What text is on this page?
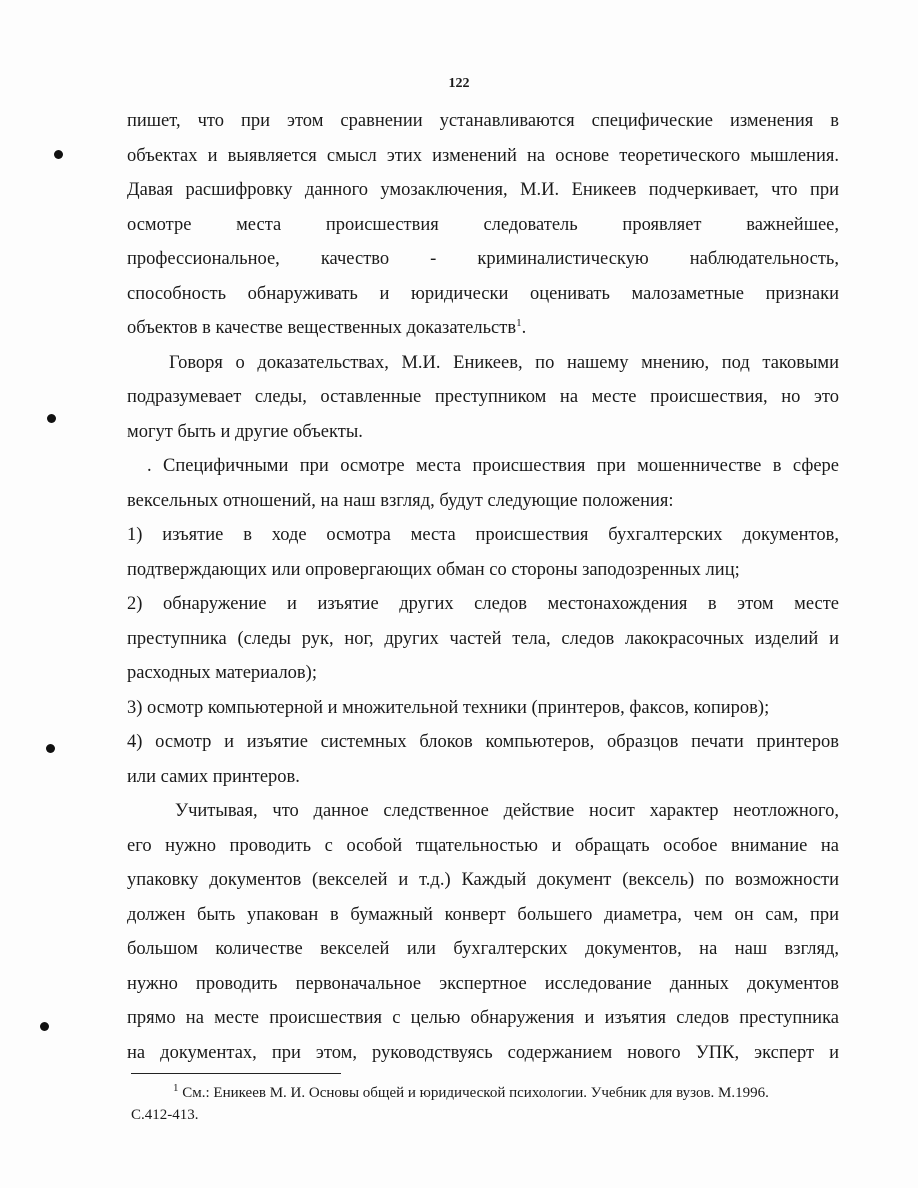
122
пишет, что при этом сравнении устанавливаются специфические изменения в
объектах и выявляется смысл этих изменений на основе теоретического мышления.
Давая расшифровку данного умозаключения, М.И. Еникеев подчеркивает, что при
осмотре места происшествия следователь проявляет важнейшее,
профессиональное, качество - криминалистическую наблюдательность,
способность обнаруживать и юридически оценивать малозаметные признаки
объектов в качестве вещественных доказательств$^1$.
Говоря о доказательствах, М.И. Еникеев, по нашему мнению, под таковыми
подразумевает следы, оставленные преступником на месте происшествия, но это
могут быть и другие объекты.
. Специфичными при осмотре места происшествия при мошенничестве в сфере
вексельных отношений, на наш взгляд, будут следующие положения:
1) изъятие в ходе осмотра места происшествия бухгалтерских документов,
подтверждающих или опровергающих обман со стороны заподозренных лиц;
2) обнаружение и изъятие других следов местонахождения в этом месте
преступника (следы рук, ног, других частей тела, следов лакокрасочных изделий и
расходных материалов);
3) осмотр компьютерной и множительной техники (принтеров, факсов, копиров);
4) осмотр и изъятие системных блоков компьютеров, образцов печати принтеров
или самих принтеров.
Учитывая, что данное следственное действие носит характер неотложного,
его нужно проводить с особой тщательностью и обращать особое внимание на
упаковку документов (векселей и т.д.) Каждый документ (вексель) по возможности
должен быть упакован в бумажный конверт большего диаметра, чем он сам, при
большом количестве векселей или бухгалтерских документов, на наш взгляд,
нужно проводить первоначальное экспертное исследование данных документов
прямо на месте происшествия с целью обнаружения и изъятия следов преступника
на документах, при этом, руководствуясь содержанием нового УПК, эксперт и
$^1$ См.: Еникеев М. И. Основы общей и юридической психологии. Учебник для вузов. М.1996.
С.412-413.
